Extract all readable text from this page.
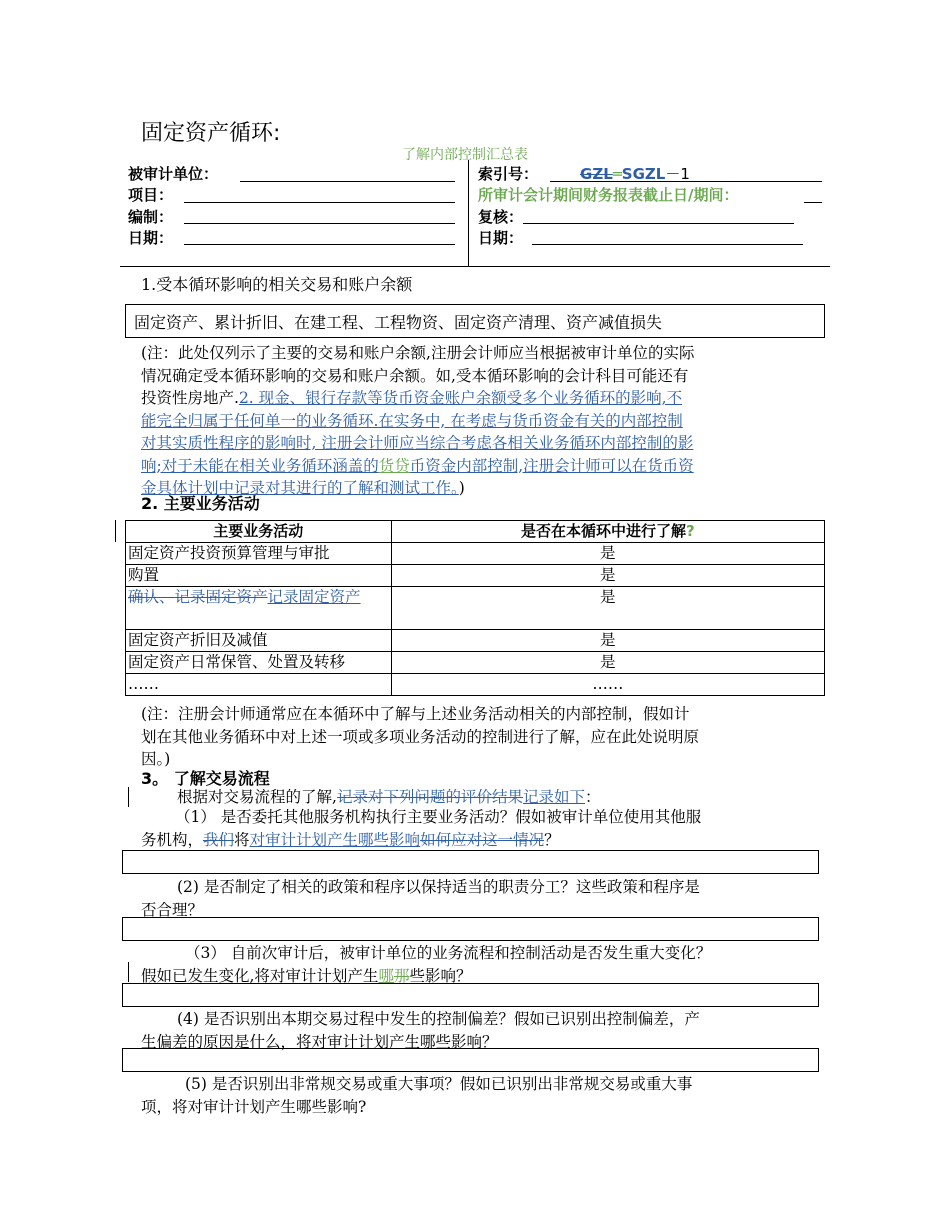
固定资产循环:
了解内部控制汇总表
被审计单位：
项目：
编制：
日期：
索引号：	GZL═SGZL－1
所审计会计期间财务报表截止日/期间：
复核：
日期：
1.受本循环影响的相关交易和账户余额
固定资产、累计折旧、在建工程、工程物资、固定资产清理、资产减值损失
(注：此处仅列示了主要的交易和账户余额,注册会计师应当根据被审计单位的实际
情况确定受本循环影响的交易和账户余额。如,受本循环影响的会计科目可能还有
投资性房地产.2. 现金、银行存款等货币资金账户余额受多个业务循环的影响,不
能完全归属于任何单一的业务循环.在实务中, 在考虑与货币资金有关的内部控制
对其实质性程序的影响时, 注册会计师应当综合考虑各相关业务循环内部控制的影
响;对于未能在相关业务循环涵盖的货贷币资金内部控制,注册会计师可以在货币资
金具体计划中记录对其进行的了解和测试工作。)
2. 主要业务活动
主要业务活动	是否在本循环中进行了解?
固定资产投资预算管理与审批	是
购置	是
确认、记录固定资产记录固定资产	是
固定资产折旧及减值	是
固定资产日常保管、处置及转移	是
……	……
(注：注册会计师通常应在本循环中了解与上述业务活动相关的内部控制，假如计
划在其他业务循环中对上述一项或多项业务活动的控制进行了解，应在此处说明原
因。)
3。 了解交易流程
根据对交易流程的了解,记录对下列问题的评价结果记录如下：
（1） 是否委托其他服务机构执行主要业务活动？假如被审计单位使用其他服
务机构，我们将对审计计划产生哪些影响如何应对这一情况？
(2) 是否制定了相关的政策和程序以保持适当的职责分工？这些政策和程序是
否合理？
（3） 自前次审计后，被审计单位的业务流程和控制活动是否发生重大变化？
假如已发生变化,将对审计计划产生哪那些影响？
(4) 是否识别出本期交易过程中发生的控制偏差？假如已识别出控制偏差，产
生偏差的原因是什么，将对审计计划产生哪些影响？
(5) 是否识别出非常规交易或重大事项？假如已识别出非常规交易或重大事
项，将对审计计划产生哪些影响?
